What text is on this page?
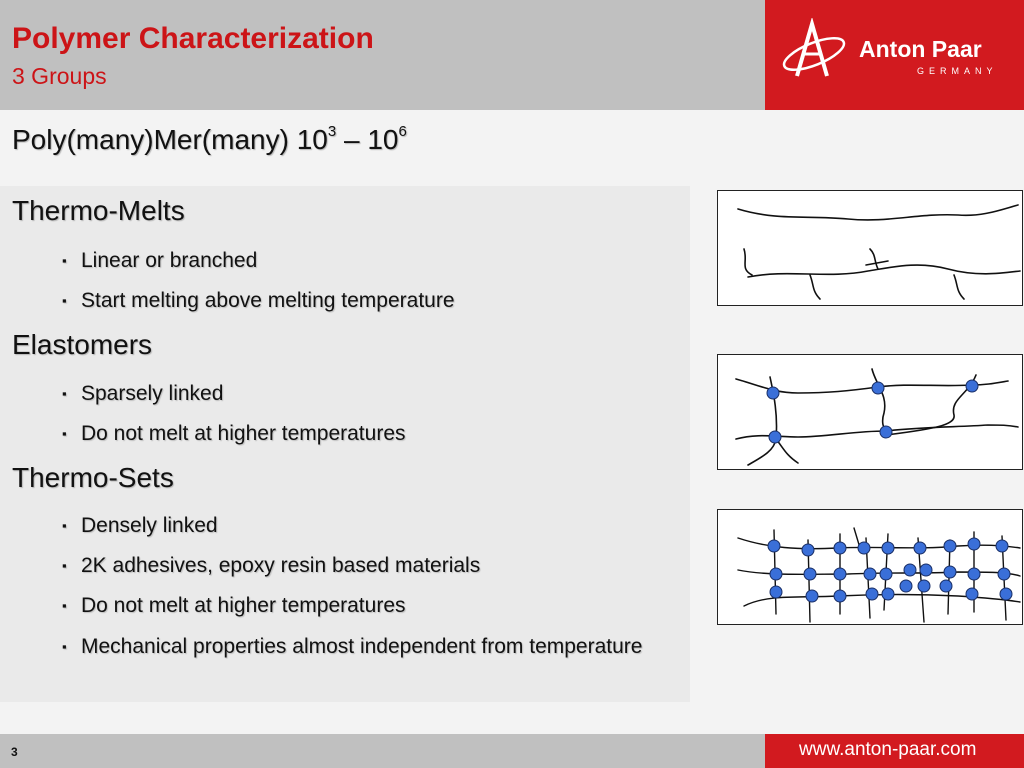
Polymer Characterization
3 Groups
Anton Paar
GERMANY
Poly(many)Mer(many) $10^3 - 10^6$
Thermo-Melts
▪ Linear or branched
▪ Start melting above melting temperature
Elastomers
▪ Sparsely linked
▪ Do not melt at higher temperatures
Thermo-Sets
▪ Densely linked
▪ 2K adhesives, epoxy resin based materials
▪ Do not melt at higher temperatures
▪ Mechanical properties almost independent from temperature
3	www.anton-paar.com
